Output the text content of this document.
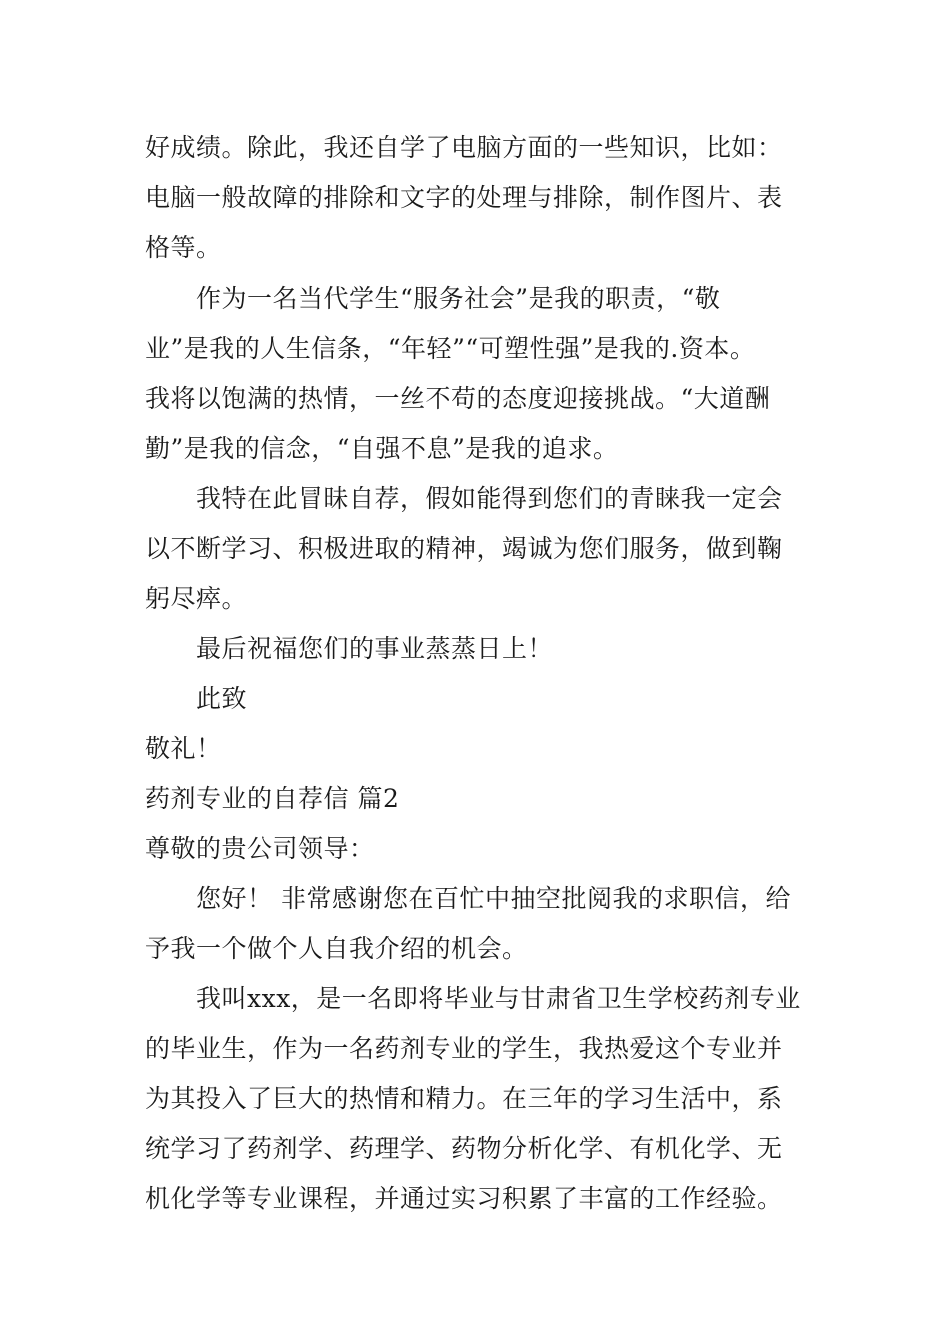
好成绩。除此，我还自学了电脑方面的一些知识，比如：
电脑一般故障的排除和文字的处理与排除，制作图片、表
格等。
作为一名当代学生“服务社会”是我的职责，“敬
业”是我的人生信条，“年轻”“可塑性强”是我的.资本。
我将以饱满的热情，一丝不苟的态度迎接挑战。“大道酬
勤”是我的信念，“自强不息”是我的追求。
我特在此冒昧自荐，假如能得到您们的青睐我一定会
以不断学习、积极进取的精神，竭诚为您们服务，做到鞠
躬尽瘁。
最后祝福您们的事业蒸蒸日上！
此致
敬礼！
药剂专业的自荐信 篇2
尊敬的贵公司领导：
您好！ 非常感谢您在百忙中抽空批阅我的求职信，给
予我一个做个人自我介绍的机会。
我叫xxx，是一名即将毕业与甘肃省卫生学校药剂专业
的毕业生，作为一名药剂专业的学生，我热爱这个专业并
为其投入了巨大的热情和精力。在三年的学习生活中，系
统学习了药剂学、药理学、药物分析化学、有机化学、无
机化学等专业课程，并通过实习积累了丰富的工作经验。
